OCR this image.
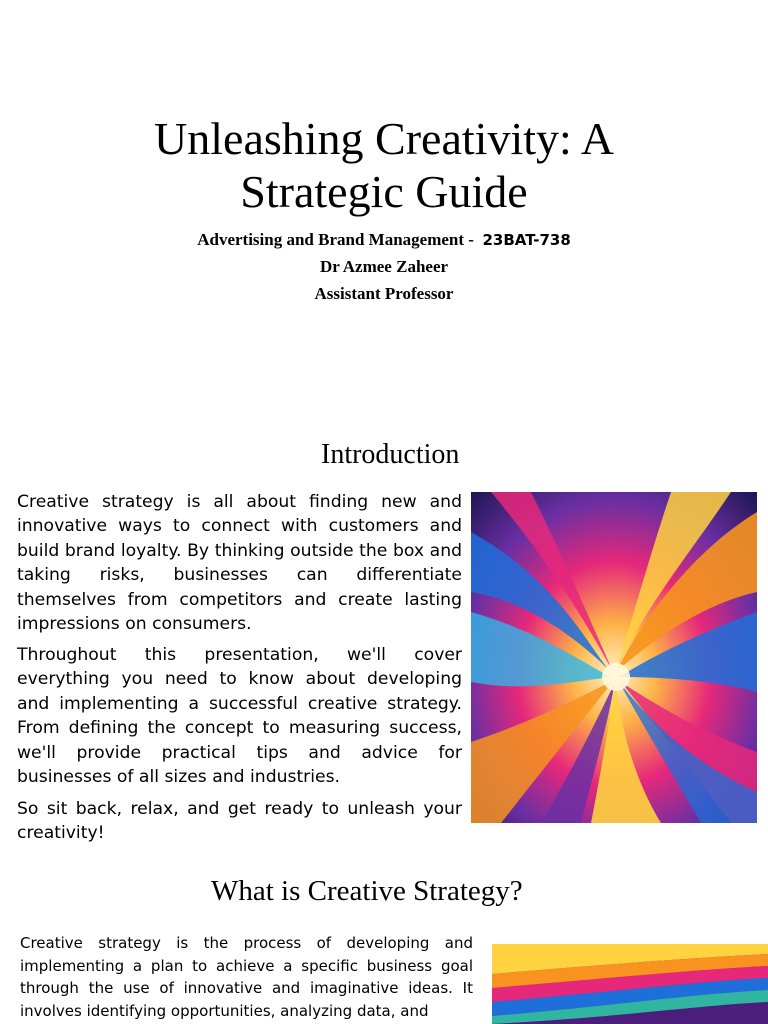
Unleashing Creativity: A
Strategic Guide
Advertising and Brand Management - 23BAT-738
Dr Azmee Zaheer
Assistant Professor
Introduction

Creative strategy is all about finding new and innovative ways to connect with customers and build brand loyalty. By thinking outside the box and taking risks, businesses can differentiate themselves from competitors and create lasting impressions on consumers.

Throughout this presentation, we'll cover everything you need to know about developing and implementing a successful creative strategy. From defining the concept to measuring success, we'll provide practical tips and advice for businesses of all sizes and industries.

So sit back, relax, and get ready to unleash your creativity!

What is Creative Strategy?

Creative strategy is the process of developing and implementing a plan to achieve a specific business goal through the use of innovative and imaginative ideas. It involves identifying opportunities, analyzing data, and
